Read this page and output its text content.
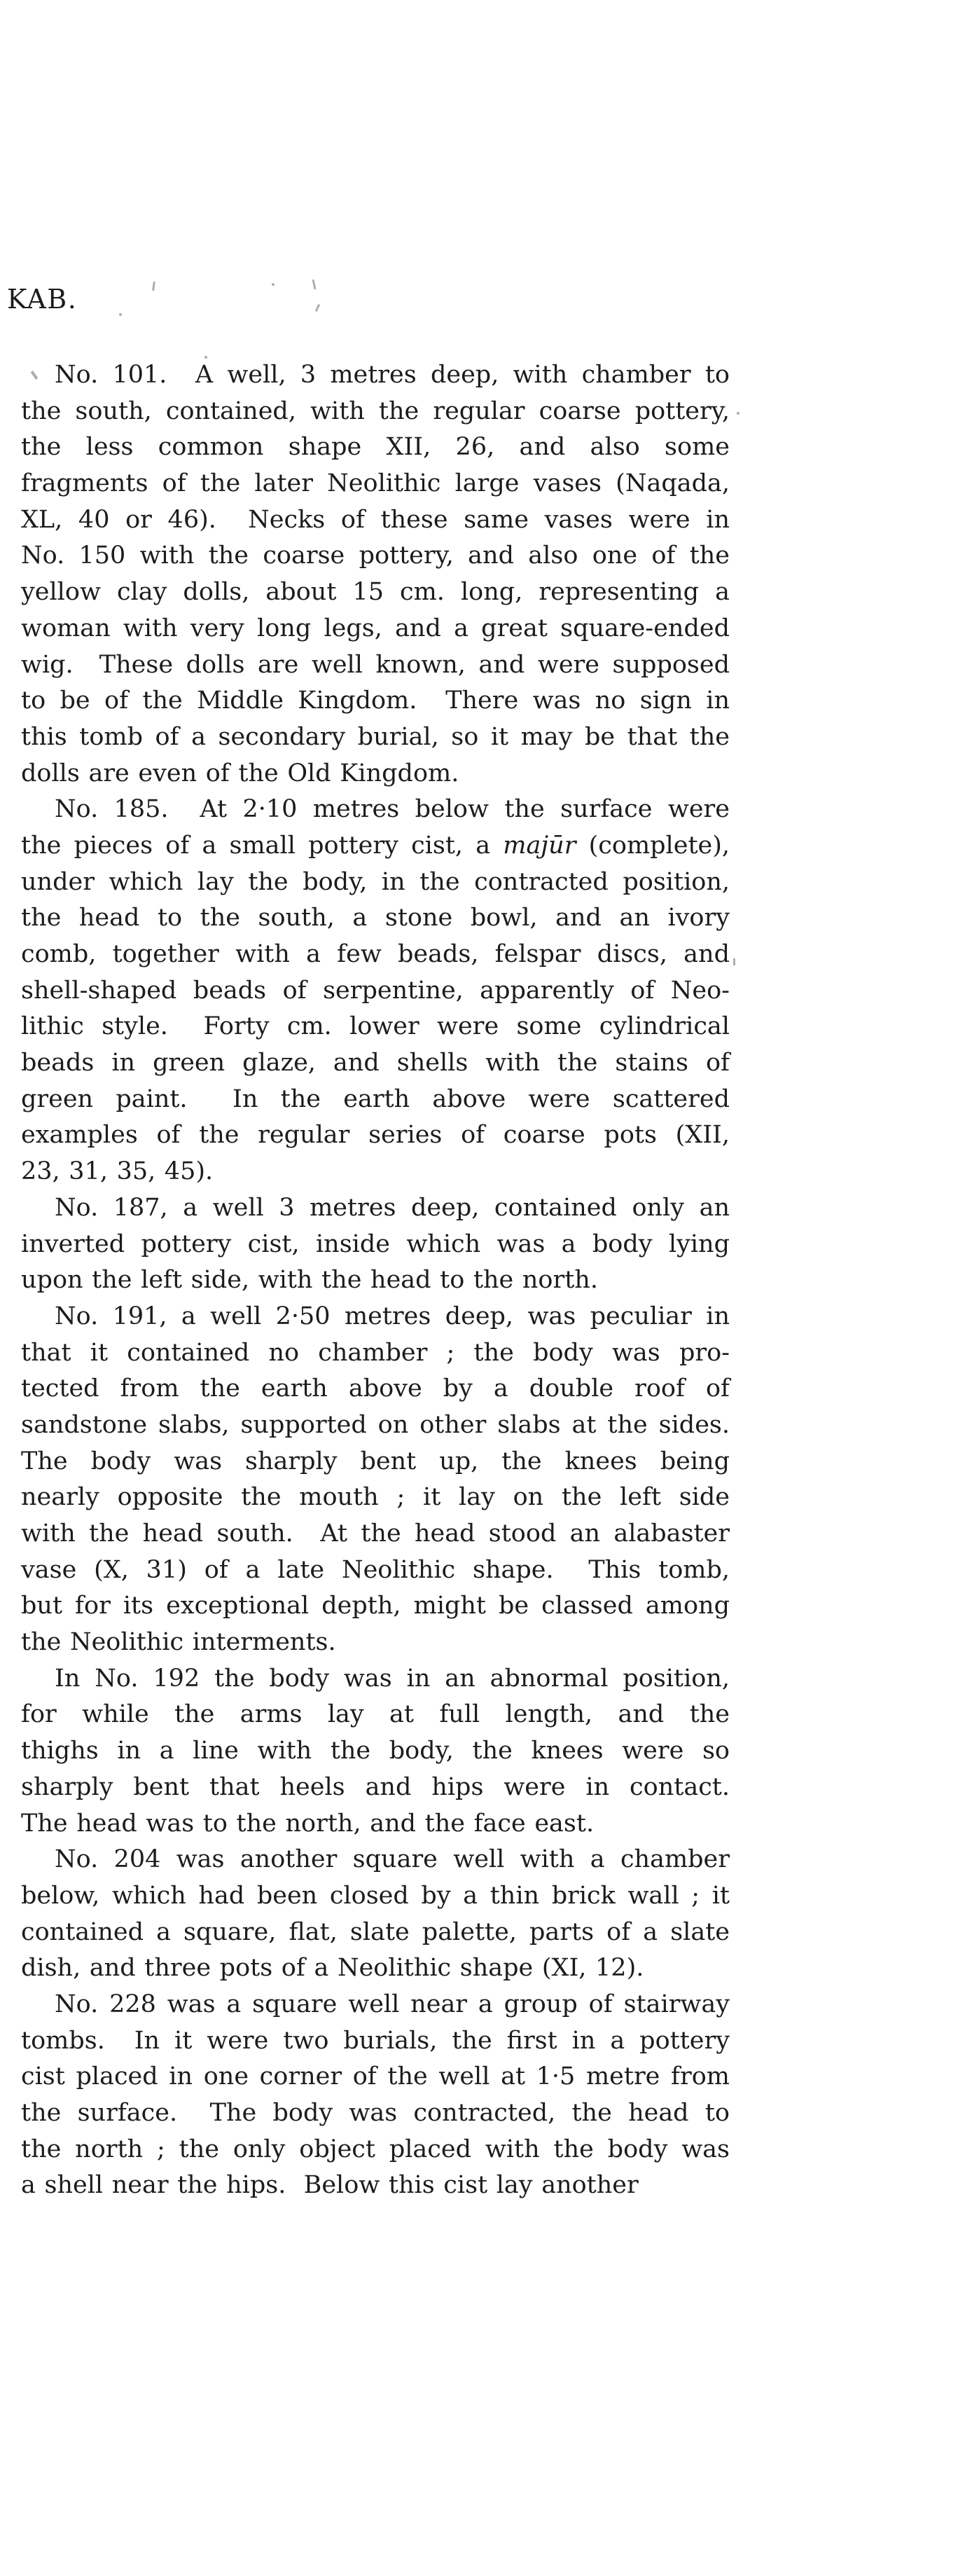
KAB.
No. 101.  A well, 3 metres deep, with chamber to
the south, contained, with the regular coarse pottery,
the less common shape XII, 26, and also some
fragments of the later Neolithic large vases (Naqada,
XL, 40 or 46).  Necks of these same vases were in
No. 150 with the coarse pottery, and also one of the
yellow clay dolls, about 15 cm. long, representing a
woman with very long legs, and a great square-ended
wig.  These dolls are well known, and were supposed
to be of the Middle Kingdom.  There was no sign in
this tomb of a secondary burial, so it may be that the
dolls are even of the Old Kingdom.
No. 185.  At 2·10 metres below the surface were
the pieces of a small pottery cist, a majūr (complete),
under which lay the body, in the contracted position,
the head to the south, a stone bowl, and an ivory
comb, together with a few beads, felspar discs, and
shell-shaped beads of serpentine, apparently of Neo-
lithic style.  Forty cm. lower were some cylindrical
beads in green glaze, and shells with the stains of
green paint.  In the earth above were scattered
examples of the regular series of coarse pots (XII,
23, 31, 35, 45).
No. 187, a well 3 metres deep, contained only an
inverted pottery cist, inside which was a body lying
upon the left side, with the head to the north.
No. 191, a well 2·50 metres deep, was peculiar in
that it contained no chamber ; the body was pro-
tected from the earth above by a double roof of
sandstone slabs, supported on other slabs at the sides.
The body was sharply bent up, the knees being
nearly opposite the mouth ; it lay on the left side
with the head south.  At the head stood an alabaster
vase (X, 31) of a late Neolithic shape.  This tomb,
but for its exceptional depth, might be classed among
the Neolithic interments.
In No. 192 the body was in an abnormal position,
for while the arms lay at full length, and the
thighs in a line with the body, the knees were so
sharply bent that heels and hips were in contact.
The head was to the north, and the face east.
No. 204 was another square well with a chamber
below, which had been closed by a thin brick wall ; it
contained a square, flat, slate palette, parts of a slate
dish, and three pots of a Neolithic shape (XI, 12).
No. 228 was a square well near a group of stairway
tombs.  In it were two burials, the first in a pottery
cist placed in one corner of the well at 1·5 metre from
the surface.  The body was contracted, the head to
the north ; the only object placed with the body was
a shell near the hips.  Below this cist lay another
